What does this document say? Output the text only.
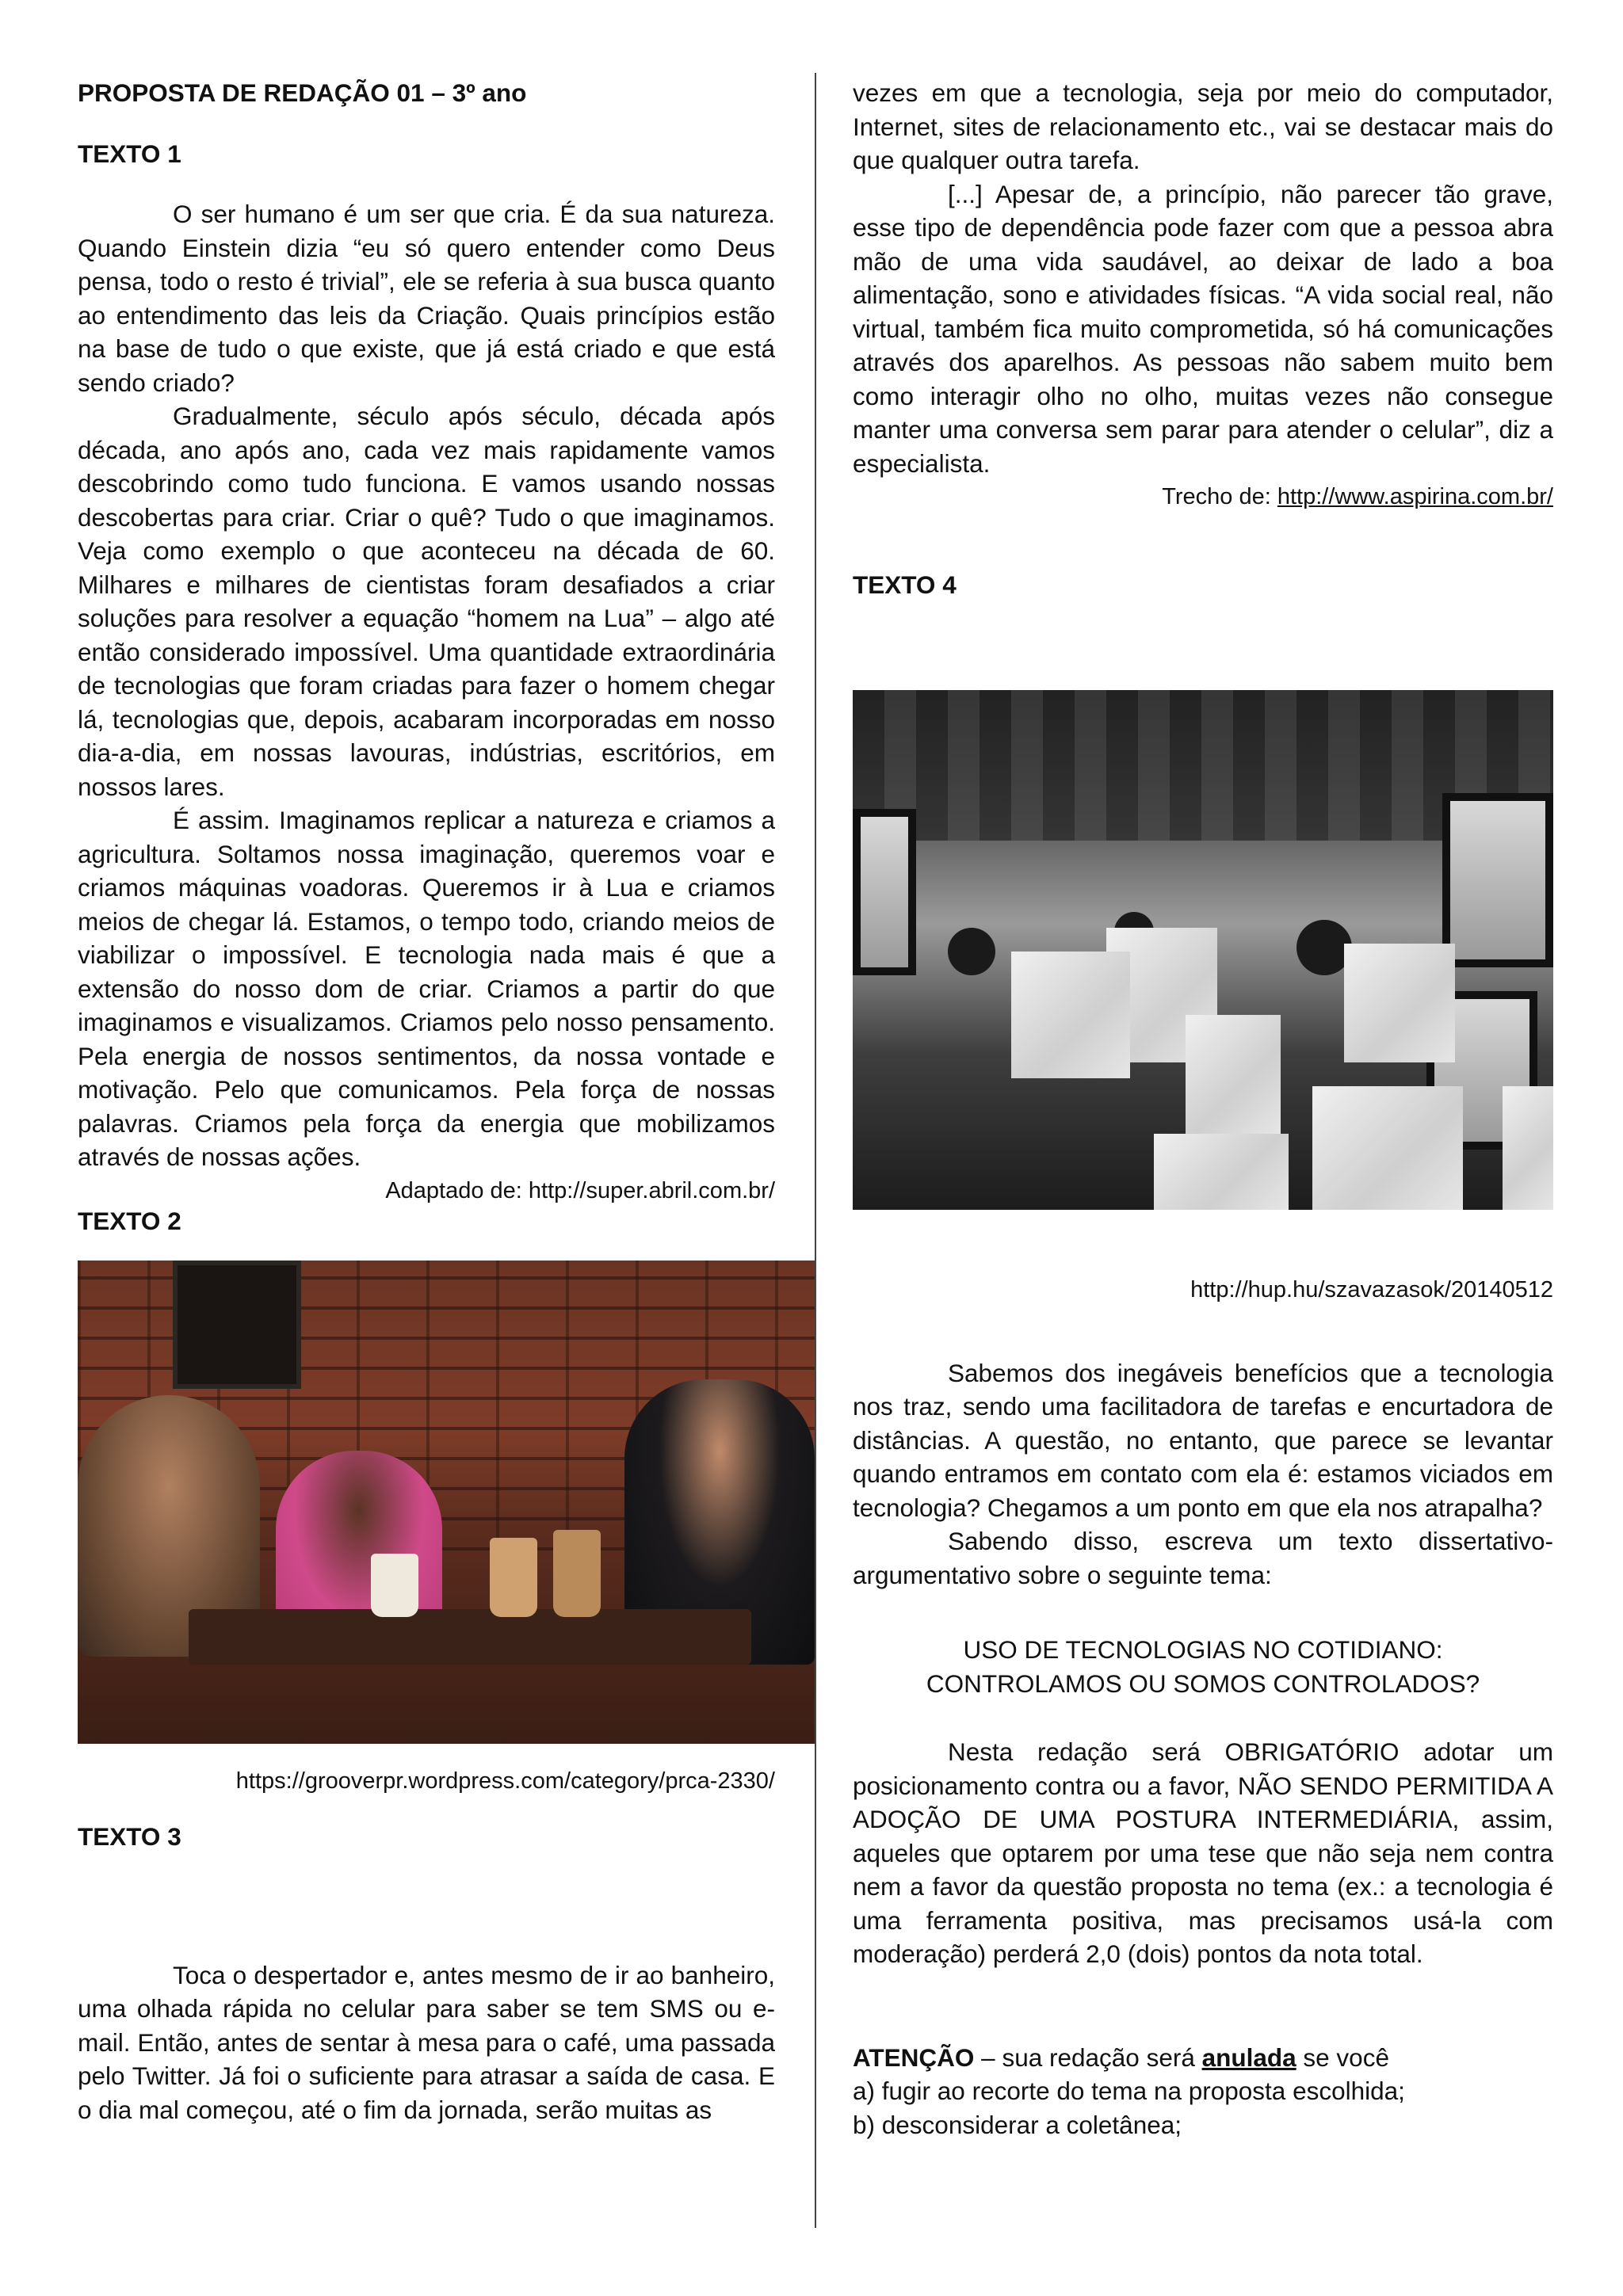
PROPOSTA DE REDAÇÃO 01 – 3º ano

TEXTO 1

O ser humano é um ser que cria. É da sua natureza. Quando Einstein dizia “eu só quero entender como Deus pensa, todo o resto é trivial”, ele se referia à sua busca quanto ao entendimento das leis da Criação. Quais princípios estão na base de tudo o que existe, que já está criado e que está sendo criado?

Gradualmente, século após século, década após década, ano após ano, cada vez mais rapidamente vamos descobrindo como tudo funciona. E vamos usando nossas descobertas para criar. Criar o quê? Tudo o que imaginamos. Veja como exemplo o que aconteceu na década de 60. Milhares e milhares de cientistas foram desafiados a criar soluções para resolver a equação “homem na Lua” – algo até então considerado impossível. Uma quantidade extraordinária de tecnologias que foram criadas para fazer o homem chegar lá, tecnologias que, depois, acabaram incorporadas em nosso dia-a-dia, em nossas lavouras, indústrias, escritórios, em nossos lares.

É assim. Imaginamos replicar a natureza e criamos a agricultura. Soltamos nossa imaginação, queremos voar e criamos máquinas voadoras. Queremos ir à Lua e criamos meios de chegar lá. Estamos, o tempo todo, criando meios de viabilizar o impossível. E tecnologia nada mais é que a extensão do nosso dom de criar. Criamos a partir do que imaginamos e visualizamos. Criamos pelo nosso pensamento. Pela energia de nossos sentimentos, da nossa vontade e motivação. Pelo que comunicamos. Pela força de nossas palavras. Criamos pela força da energia que mobilizamos através de nossas ações.

Adaptado de: http://super.abril.com.br/

TEXTO 2

https://grooverpr.wordpress.com/category/prca-2330/

TEXTO 3

Toca o despertador e, antes mesmo de ir ao banheiro, uma olhada rápida no celular para saber se tem SMS ou e-mail. Então, antes de sentar à mesa para o café, uma passada pelo Twitter. Já foi o suficiente para atrasar a saída de casa. E o dia mal começou, até o fim da jornada, serão muitas as

vezes em que a tecnologia, seja por meio do computador, Internet, sites de relacionamento etc., vai se destacar mais do que qualquer outra tarefa.

[...] Apesar de, a princípio, não parecer tão grave, esse tipo de dependência pode fazer com que a pessoa abra mão de uma vida saudável, ao deixar de lado a boa alimentação, sono e atividades físicas. “A vida social real, não virtual, também fica muito comprometida, só há comunicações através dos aparelhos. As pessoas não sabem muito bem como interagir olho no olho, muitas vezes não consegue manter uma conversa sem parar para atender o celular”, diz a especialista.

Trecho de: http://www.aspirina.com.br/

TEXTO 4

http://hup.hu/szavazasok/20140512

Sabemos dos inegáveis benefícios que a tecnologia nos traz, sendo uma facilitadora de tarefas e encurtadora de distâncias. A questão, no entanto, que parece se levantar quando entramos em contato com ela é: estamos viciados em tecnologia? Chegamos a um ponto em que ela nos atrapalha?

Sabendo disso, escreva um texto dissertativo-argumentativo sobre o seguinte tema:

USO DE TECNOLOGIAS NO COTIDIANO:

CONTROLAMOS OU SOMOS CONTROLADOS?

Nesta redação será OBRIGATÓRIO adotar um posicionamento contra ou a favor, NÃO SENDO PERMITIDA A ADOÇÃO DE UMA POSTURA INTERMEDIÁRIA, assim, aqueles que optarem por uma tese que não seja nem contra nem a favor da questão proposta no tema (ex.: a tecnologia é uma ferramenta positiva, mas precisamos usá-la com moderação) perderá 2,0 (dois) pontos da nota total.

ATENÇÃO – sua redação será anulada se você

a) fugir ao recorte do tema na proposta escolhida;

b) desconsiderar a coletânea;
